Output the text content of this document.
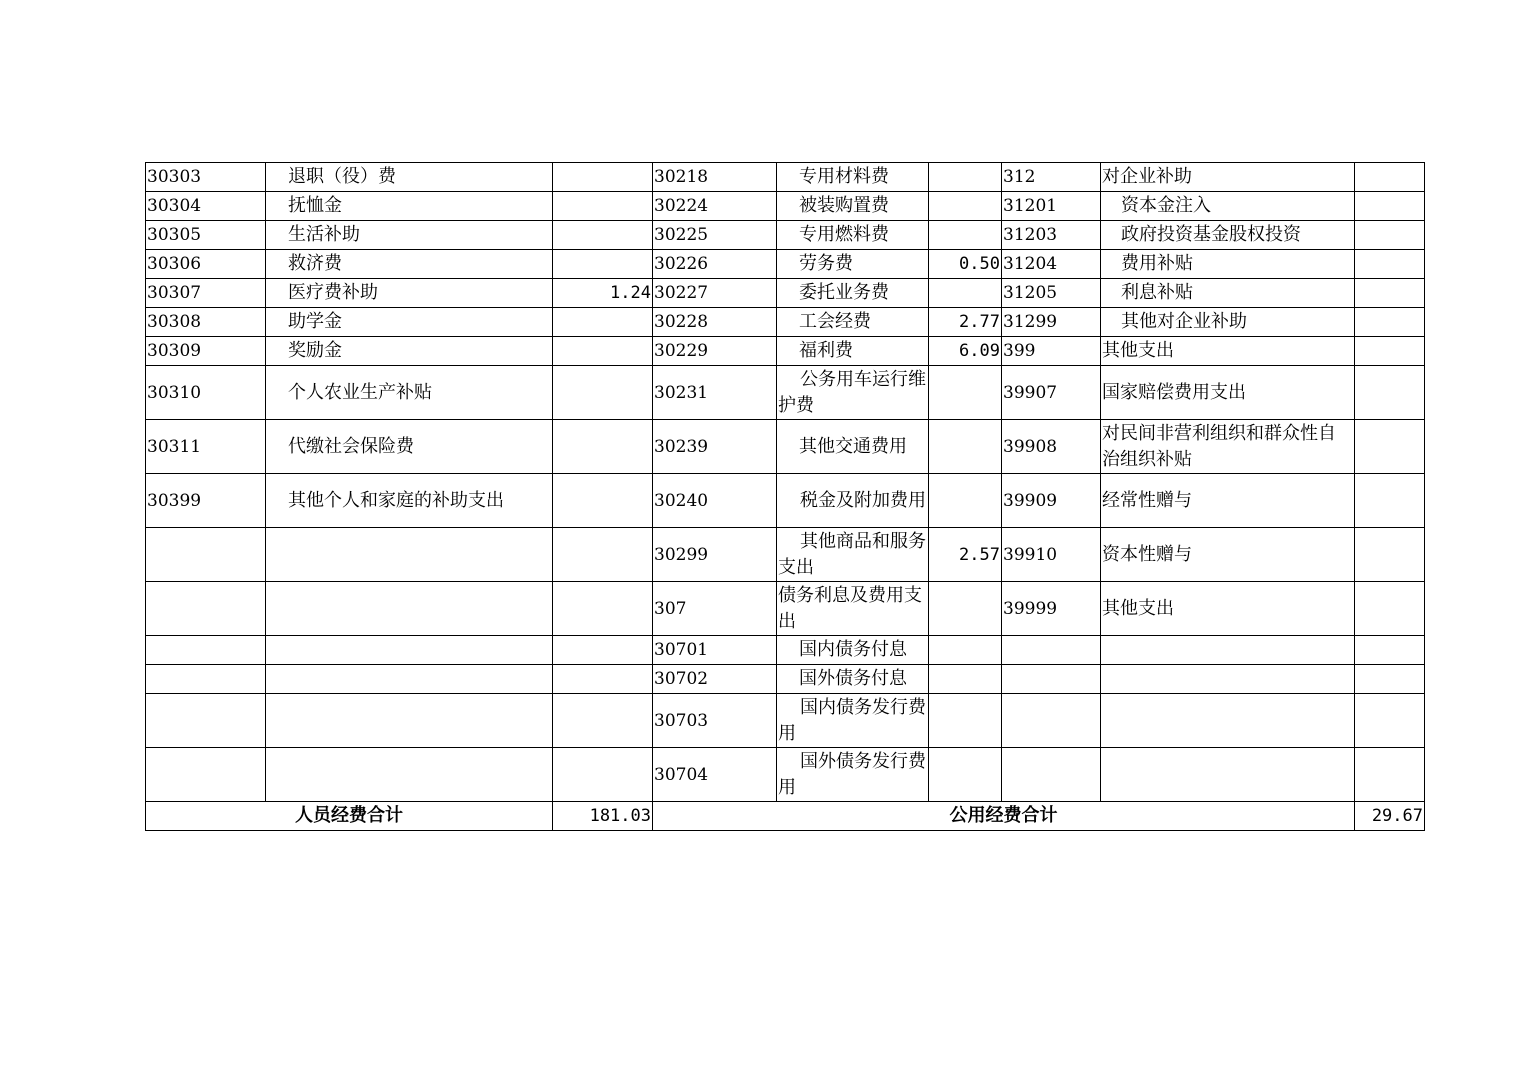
30303	退职（役）费		30218	专用材料费		312	对企业补助	
30304	抚恤金		30224	被装购置费		31201	资本金注入	
30305	生活补助		30225	专用燃料费		31203	政府投资基金股权投资	
30306	救济费		30226	劳务费	0.50	31204	费用补贴	
30307	医疗费补助	1.24	30227	委托业务费		31205	利息补贴	
30308	助学金		30228	工会经费	2.77	31299	其他对企业补助	
30309	奖励金		30229	福利费	6.09	399	其他支出	
30310	个人农业生产补贴		30231	公务用车运行维护费		39907	国家赔偿费用支出	
30311	代缴社会保险费		30239	其他交通费用		39908	对民间非营利组织和群众性自治组织补贴	
30399	其他个人和家庭的补助支出		30240	税金及附加费用		39909	经常性赠与	
			30299	其他商品和服务支出	2.57	39910	资本性赠与	
			307	债务利息及费用支出		39999	其他支出	
			30701	国内债务付息				
			30702	国外债务付息				
			30703	国内债务发行费用				
			30704	国外债务发行费用				
人员经费合计		181.03	公用经费合计					29.67
